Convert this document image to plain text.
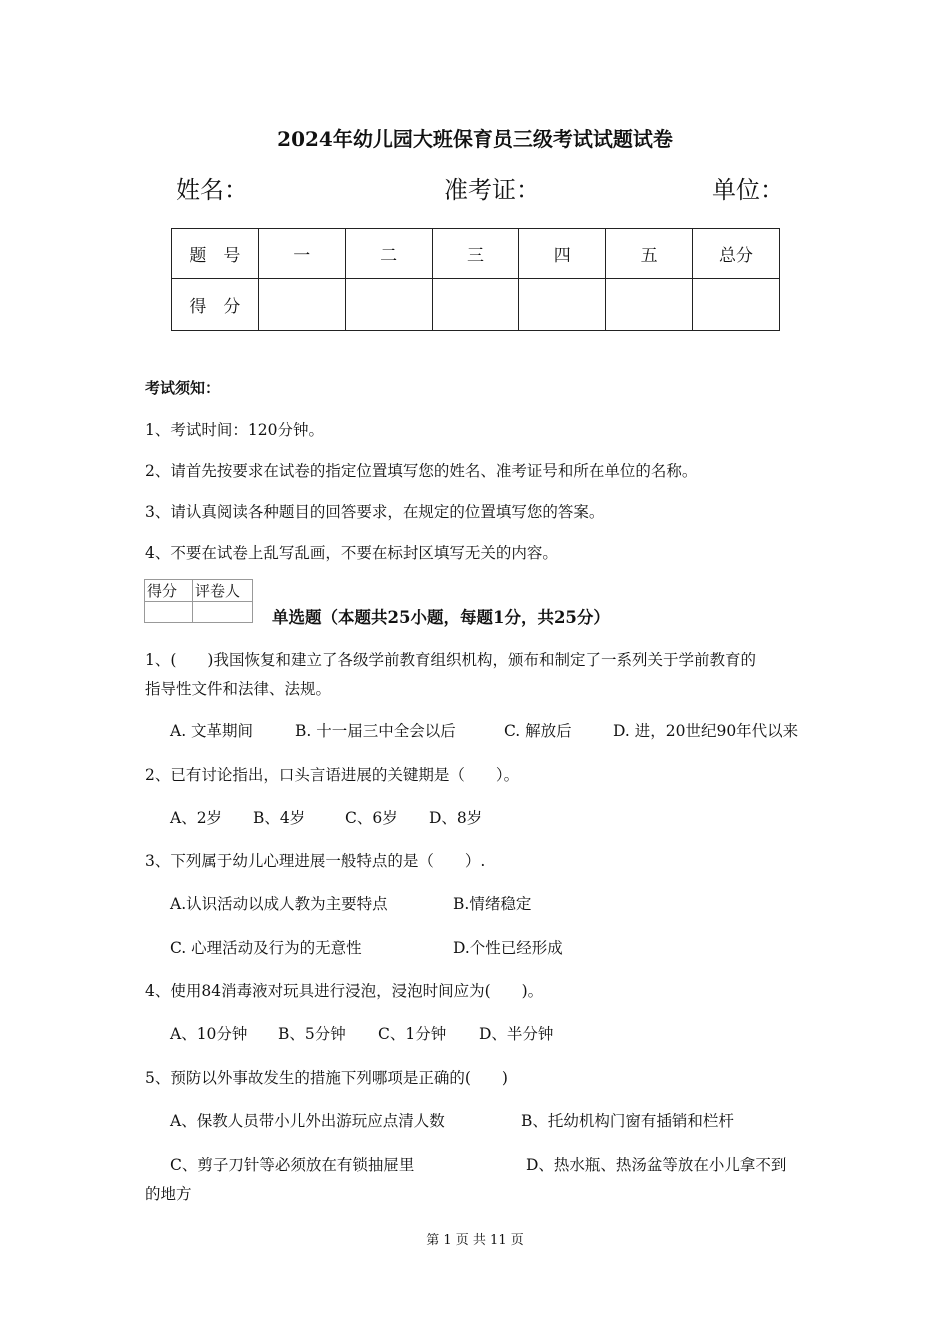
2024年幼儿园大班保育员三级考试试题试卷
姓名：	准考证：	单位：
题　号	一	二	三	四	五	总分
得　分						
考试须知：
1、考试时间：120分钟。
2、请首先按要求在试卷的指定位置填写您的姓名、准考证号和所在单位的名称。
3、请认真阅读各种题目的回答要求，在规定的位置填写您的答案。
4、不要在试卷上乱写乱画，不要在标封区填写无关的内容。
得分	评卷人

单选题（本题共25小题，每题1分，共25分）
1、(　　)我国恢复和建立了各级学前教育组织机构，颁布和制定了一系列关于学前教育的
指导性文件和法律、法规。
A. 文革期间	B. 十一届三中全会以后	C. 解放后	D. 进，20世纪90年代以来
2、已有讨论指出，口头言语进展的关键期是（　　）。
A、2岁 B、4岁	C、6岁 D、8岁
3、下列属于幼儿心理进展一般特点的是（　　）.
A.认识活动以成人教为主要特点	B.情绪稳定
C. 心理活动及行为的无意性	D.个性已经形成
4、使用84消毒液对玩具进行浸泡，浸泡时间应为(　　)。
A、10分钟 B、5分钟 C、1分钟 D、半分钟
5、预防以外事故发生的措施下列哪项是正确的(　　)
A、保教人员带小儿外出游玩应点清人数	B、托幼机构门窗有插销和栏杆
C、剪子刀针等必须放在有锁抽屉里	D、热水瓶、热汤盆等放在小儿拿不到
的地方
第 1 页 共 11 页
